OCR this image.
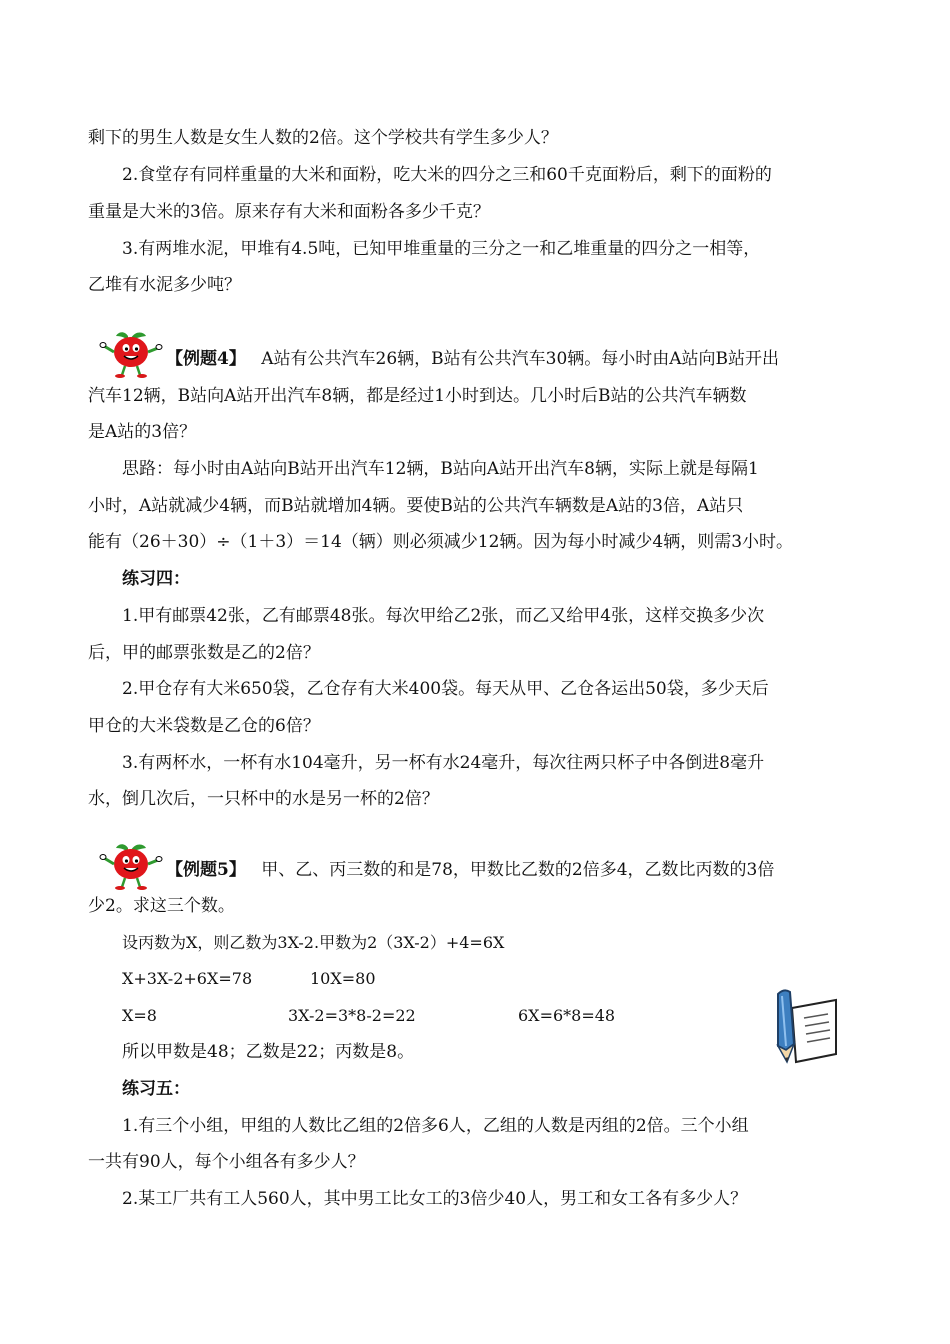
剩下的男生人数是女生人数的2倍。这个学校共有学生多少人？
2.食堂存有同样重量的大米和面粉，吃大米的四分之三和60千克面粉后，剩下的面粉的
重量是大米的3倍。原来存有大米和面粉各多少千克？
3.有两堆水泥，甲堆有4.5吨，已知甲堆重量的三分之一和乙堆重量的四分之一相等，
乙堆有水泥多少吨？
【例题4】 A站有公共汽车26辆，B站有公共汽车30辆。每小时由A站向B站开出
汽车12辆，B站向A站开出汽车8辆，都是经过1小时到达。几小时后B站的公共汽车辆数
是A站的3倍？
思路：每小时由A站向B站开出汽车12辆，B站向A站开出汽车8辆，实际上就是每隔1
小时，A站就减少4辆，而B站就增加4辆。要使B站的公共汽车辆数是A站的3倍，A站只
能有（26＋30）÷（1＋3）＝14（辆）则必须减少12辆。因为每小时减少4辆，则需3小时。
练习四：
1.甲有邮票42张，乙有邮票48张。每次甲给乙2张，而乙又给甲4张，这样交换多少次
后，甲的邮票张数是乙的2倍？
2.甲仓存有大米650袋，乙仓存有大米400袋。每天从甲、乙仓各运出50袋，多少天后
甲仓的大米袋数是乙仓的6倍？
3.有两杯水，一杯有水104毫升，另一杯有水24毫升，每次往两只杯子中各倒进8毫升
水，倒几次后，一只杯中的水是另一杯的2倍？
【例题5】 甲、乙、丙三数的和是78，甲数比乙数的2倍多4，乙数比丙数的3倍
少2。求这三个数。
设丙数为X，则乙数为3X-2.甲数为2（3X-2）+4=6X
X+3X-2+6X=78	10X=80
X=8	3X-2=3*8-2=22	6X=6*8=48
所以甲数是48；乙数是22；丙数是8。
练习五：
1.有三个小组，甲组的人数比乙组的2倍多6人，乙组的人数是丙组的2倍。三个小组
一共有90人，每个小组各有多少人？
2.某工厂共有工人560人，其中男工比女工的3倍少40人，男工和女工各有多少人？
